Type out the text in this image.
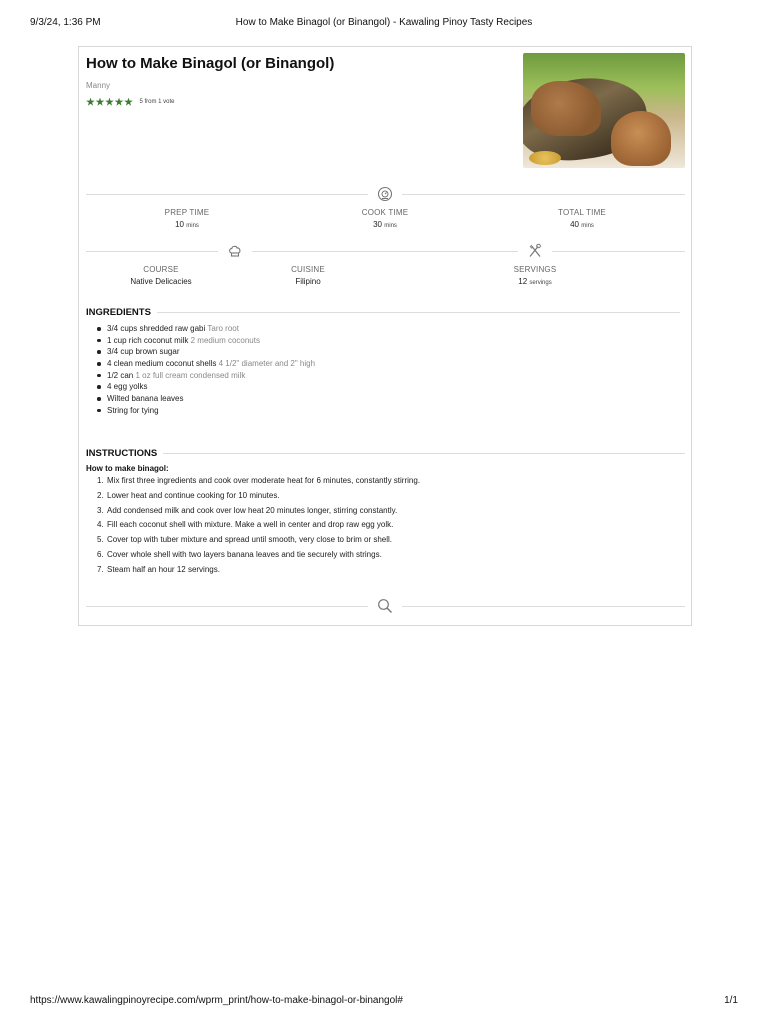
9/3/24, 1:36 PM	How to Make Binagol (or Binangol) - Kawaling Pinoy Tasty Recipes
How to Make Binagol (or Binangol)
Manny
5 from 1 vote
PREP TIME
10 mins
COOK TIME
30 mins
TOTAL TIME
40 mins
COURSE
Native Delicacies
CUISINE
Filipino
SERVINGS
12 servings
INGREDIENTS
3/4 cups shredded raw gabi Taro root
1 cup rich coconut milk 2 medium coconuts
3/4 cup brown sugar
4 clean medium coconut shells 4 1/2" diameter and 2" high
1/2 can 1 oz full cream condensed milk
4 egg yolks
Wilted banana leaves
String for tying
INSTRUCTIONS
How to make binagol:
1. Mix first three ingredients and cook over moderate heat for 6 minutes, constantly stirring.
2. Lower heat and continue cooking for 10 minutes.
3. Add condensed milk and cook over low heat 20 minutes longer, stirring constantly.
4. Fill each coconut shell with mixture. Make a well in center and drop raw egg yolk.
5. Cover top with tuber mixture and spread until smooth, very close to brim or shell.
6. Cover whole shell with two layers banana leaves and tie securely with strings.
7. Steam half an hour 12 servings.
https://www.kawalingpinoyrecipe.com/wprm_print/how-to-make-binagol-or-binangol#	1/1
